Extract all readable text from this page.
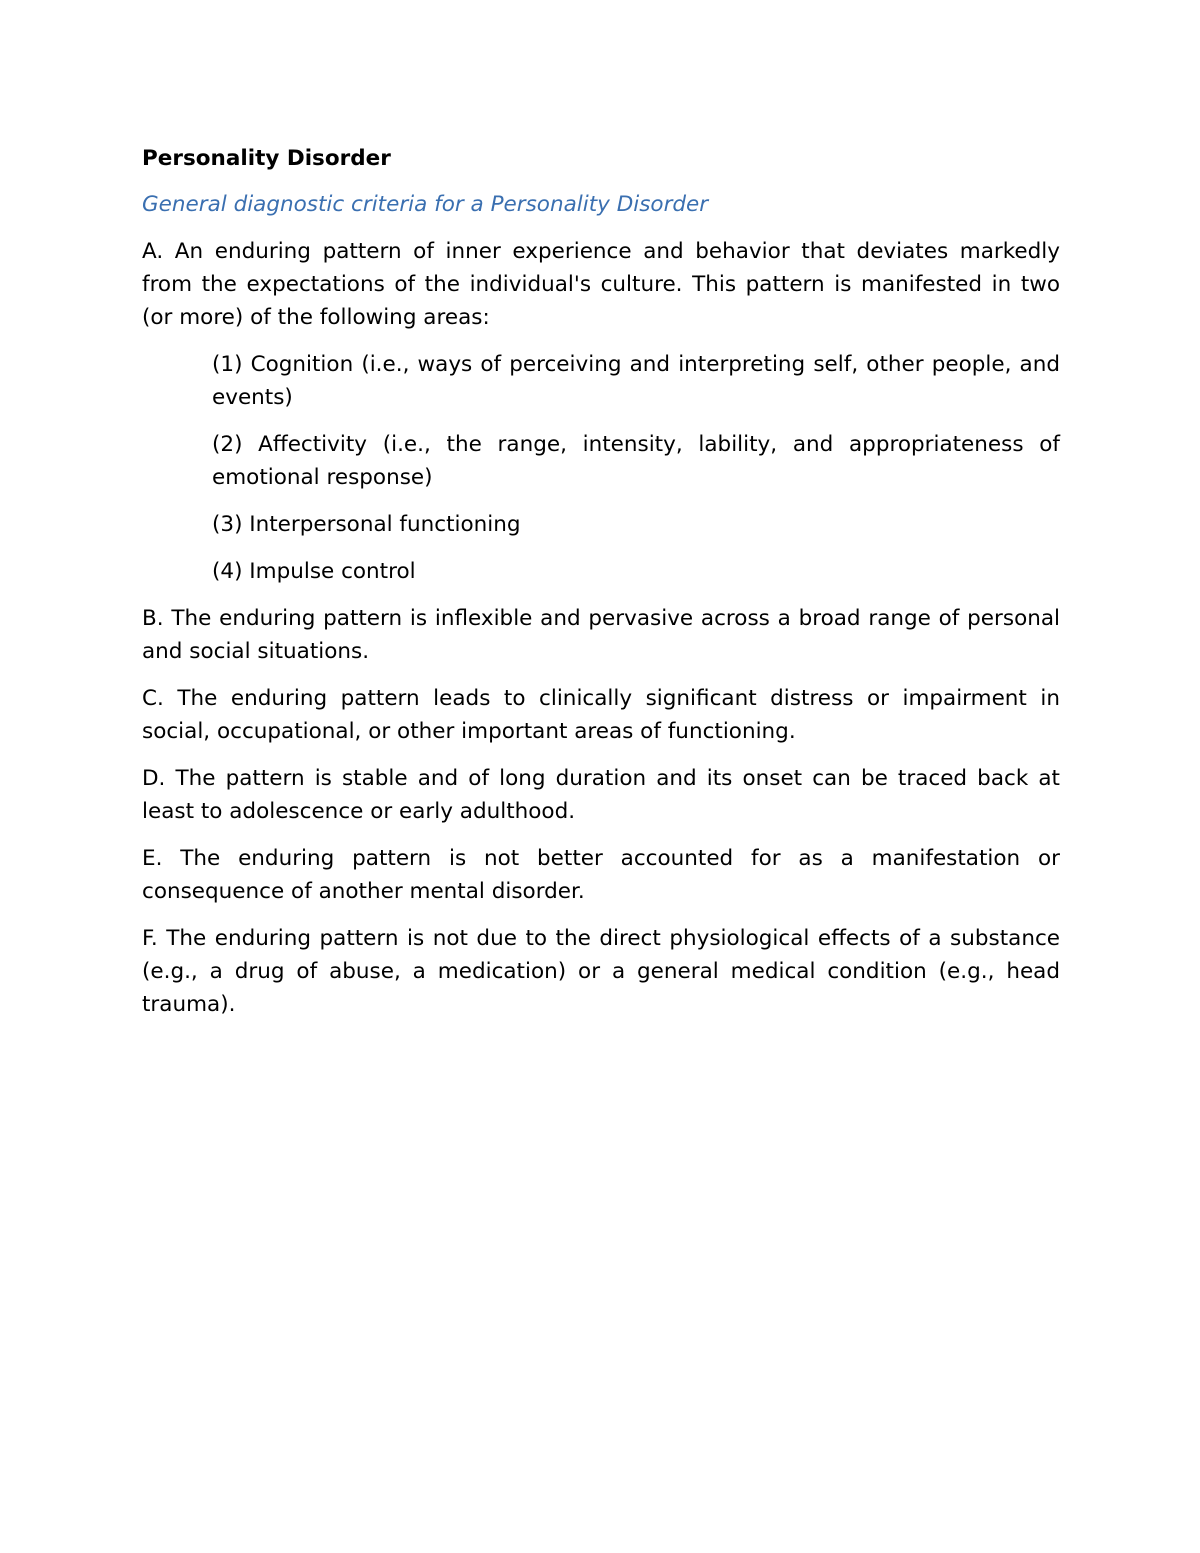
Personality Disorder
General diagnostic criteria for a Personality Disorder

A. An enduring pattern of inner experience and behavior that deviates markedly from the expectations of the individual's culture. This pattern is manifested in two (or more) of the following areas:

(1) Cognition (i.e., ways of perceiving and interpreting self, other people, and events)

(2) Affectivity (i.e., the range, intensity, lability, and appropriateness of emotional response)

(3) Interpersonal functioning

(4) Impulse control

B. The enduring pattern is inflexible and pervasive across a broad range of personal and social situations.

C. The enduring pattern leads to clinically significant distress or impairment in social, occupational, or other important areas of functioning.

D. The pattern is stable and of long duration and its onset can be traced back at least to adolescence or early adulthood.

E. The enduring pattern is not better accounted for as a manifestation or consequence of another mental disorder.

F. The enduring pattern is not due to the direct physiological effects of a substance (e.g., a drug of abuse, a medication) or a general medical condition (e.g., head trauma).
